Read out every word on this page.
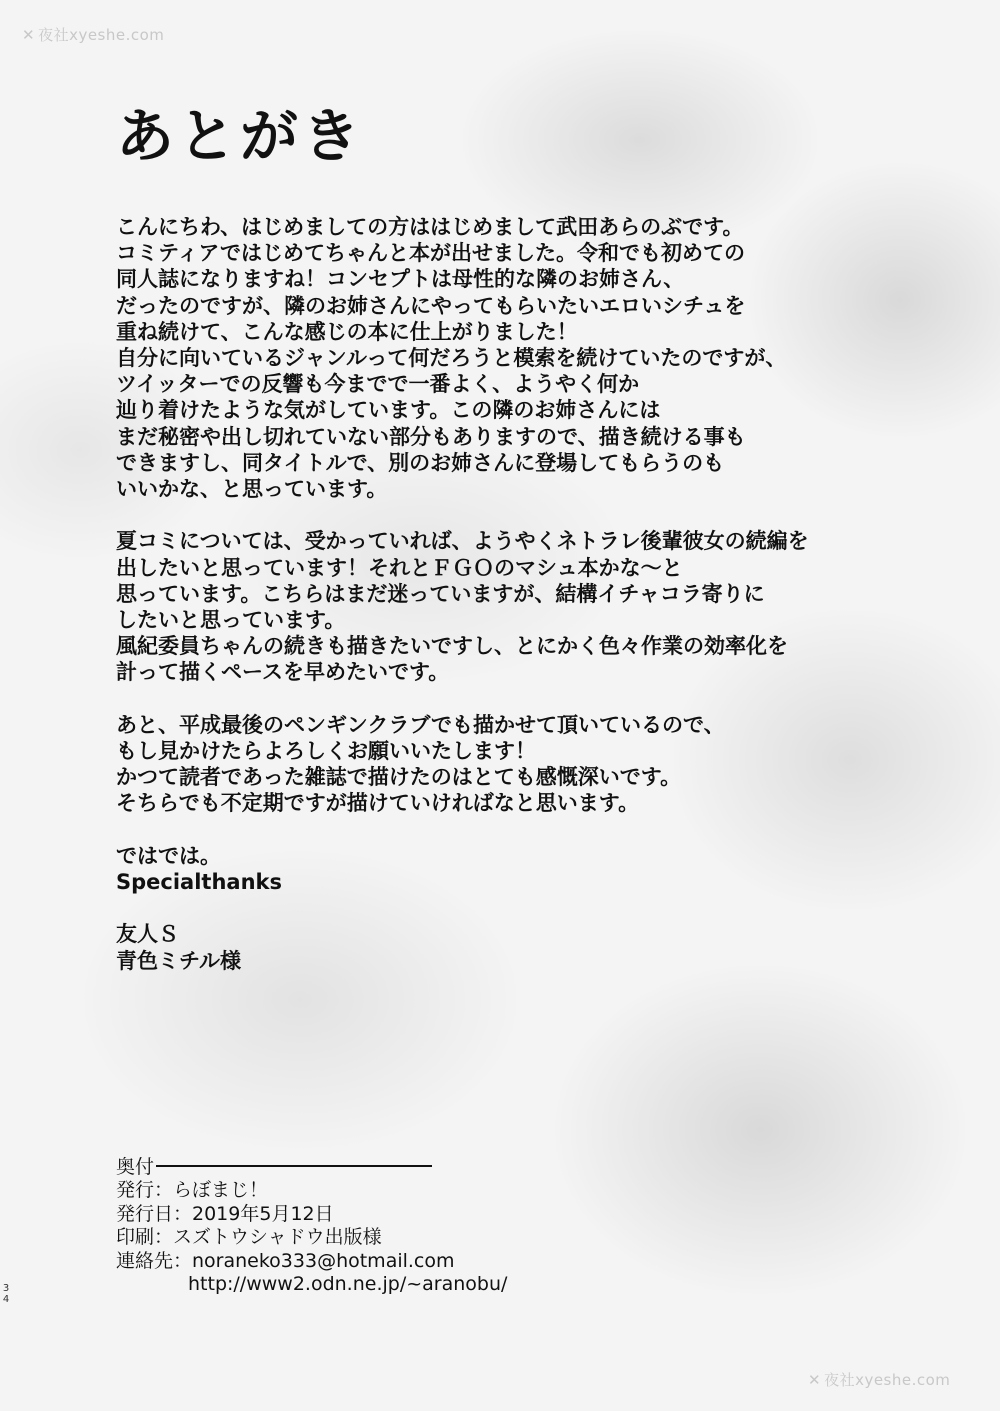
✕ 夜社xyeshe.com
あとがき
こんにちわ、はじめましての方ははじめまして武田あらのぶです。
コミティアではじめてちゃんと本が出せました。令和でも初めての
同人誌になりますね！コンセプトは母性的な隣のお姉さん、
だったのですが、隣のお姉さんにやってもらいたいエロいシチュを
重ね続けて、こんな感じの本に仕上がりました！
自分に向いているジャンルって何だろうと模索を続けていたのですが、
ツイッターでの反響も今までで一番よく、ようやく何か
辿り着けたような気がしています。この隣のお姉さんには
まだ秘密や出し切れていない部分もありますので、描き続ける事も
できますし、同タイトルで、別のお姉さんに登場してもらうのも
いいかな、と思っています。
夏コミについては、受かっていれば、ようやくネトラレ後輩彼女の続編を
出したいと思っています！それとＦＧＯのマシュ本かな～と
思っています。こちらはまだ迷っていますが、結構イチャコラ寄りに
したいと思っています。
風紀委員ちゃんの続きも描きたいですし、とにかく色々作業の効率化を
計って描くペースを早めたいです。
あと、平成最後のペンギンクラブでも描かせて頂いているので、
もし見かけたらよろしくお願いいたします！
かつて読者であった雑誌で描けたのはとても感慨深いです。
そちらでも不定期ですが描けていければなと思います。
ではでは。
Specialthanks
友人Ｓ
青色ミチル様
奥付
発行：らぼまじ！
発行日：2019年5月12日
印刷：スズトウシャドウ出版様
連絡先：noraneko333@hotmail.com
http://www2.odn.ne.jp/~aranobu/
34
✕ 夜社xyeshe.com
